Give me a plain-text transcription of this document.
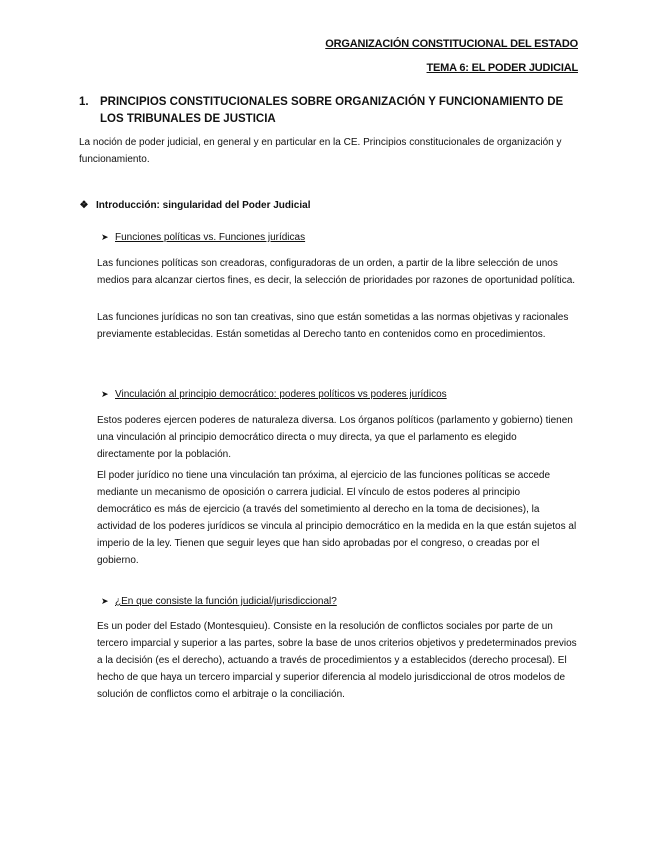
ORGANIZACIÓN CONSTITUCIONAL DEL ESTADO
TEMA 6: EL PODER JUDICIAL
1. PRINCIPIOS CONSTITUCIONALES SOBRE ORGANIZACIÓN Y FUNCIONAMIENTO DE LOS TRIBUNALES DE JUSTICIA
La noción de poder judicial, en general y en particular en la CE. Principios constitucionales de organización y funcionamiento.
❖ Introducción: singularidad del Poder Judicial
➤ Funciones políticas vs. Funciones jurídicas
Las funciones políticas son creadoras, configuradoras de un orden, a partir de la libre selección de unos medios para alcanzar ciertos fines, es decir, la selección de prioridades por razones de oportunidad política.
Las funciones jurídicas no son tan creativas, sino que están sometidas a las normas objetivas y racionales previamente establecidas. Están sometidas al Derecho tanto en contenidos como en procedimientos.
➤ Vinculación al principio democrático: poderes políticos vs poderes jurídicos
Estos poderes ejercen poderes de naturaleza diversa. Los órganos políticos (parlamento y gobierno) tienen una vinculación al principio democrático directa o muy directa, ya que el parlamento es elegido directamente por la población.
El poder jurídico no tiene una vinculación tan próxima, al ejercicio de las funciones políticas se accede mediante un mecanismo de oposición o carrera judicial. El vínculo de estos poderes al principio democrático es más de ejercicio (a través del sometimiento al derecho en la toma de decisiones), la actividad de los poderes jurídicos se vincula al principio democrático en la medida en la que están sujetos al imperio de la ley. Tienen que seguir leyes que han sido aprobadas por el congreso, o creadas por el gobierno.
➤ ¿En que consiste la función judicial/jurisdiccional?
Es un poder del Estado (Montesquieu). Consiste en la resolución de conflictos sociales por parte de un tercero imparcial y superior a las partes, sobre la base de unos criterios objetivos y predeterminados previos a la decisión (es el derecho), actuando a través de procedimientos y a establecidos (derecho procesal). El hecho de que haya un tercero imparcial y superior diferencia al modelo jurisdiccional de otros modelos de solución de conflictos como el arbitraje o la conciliación.
